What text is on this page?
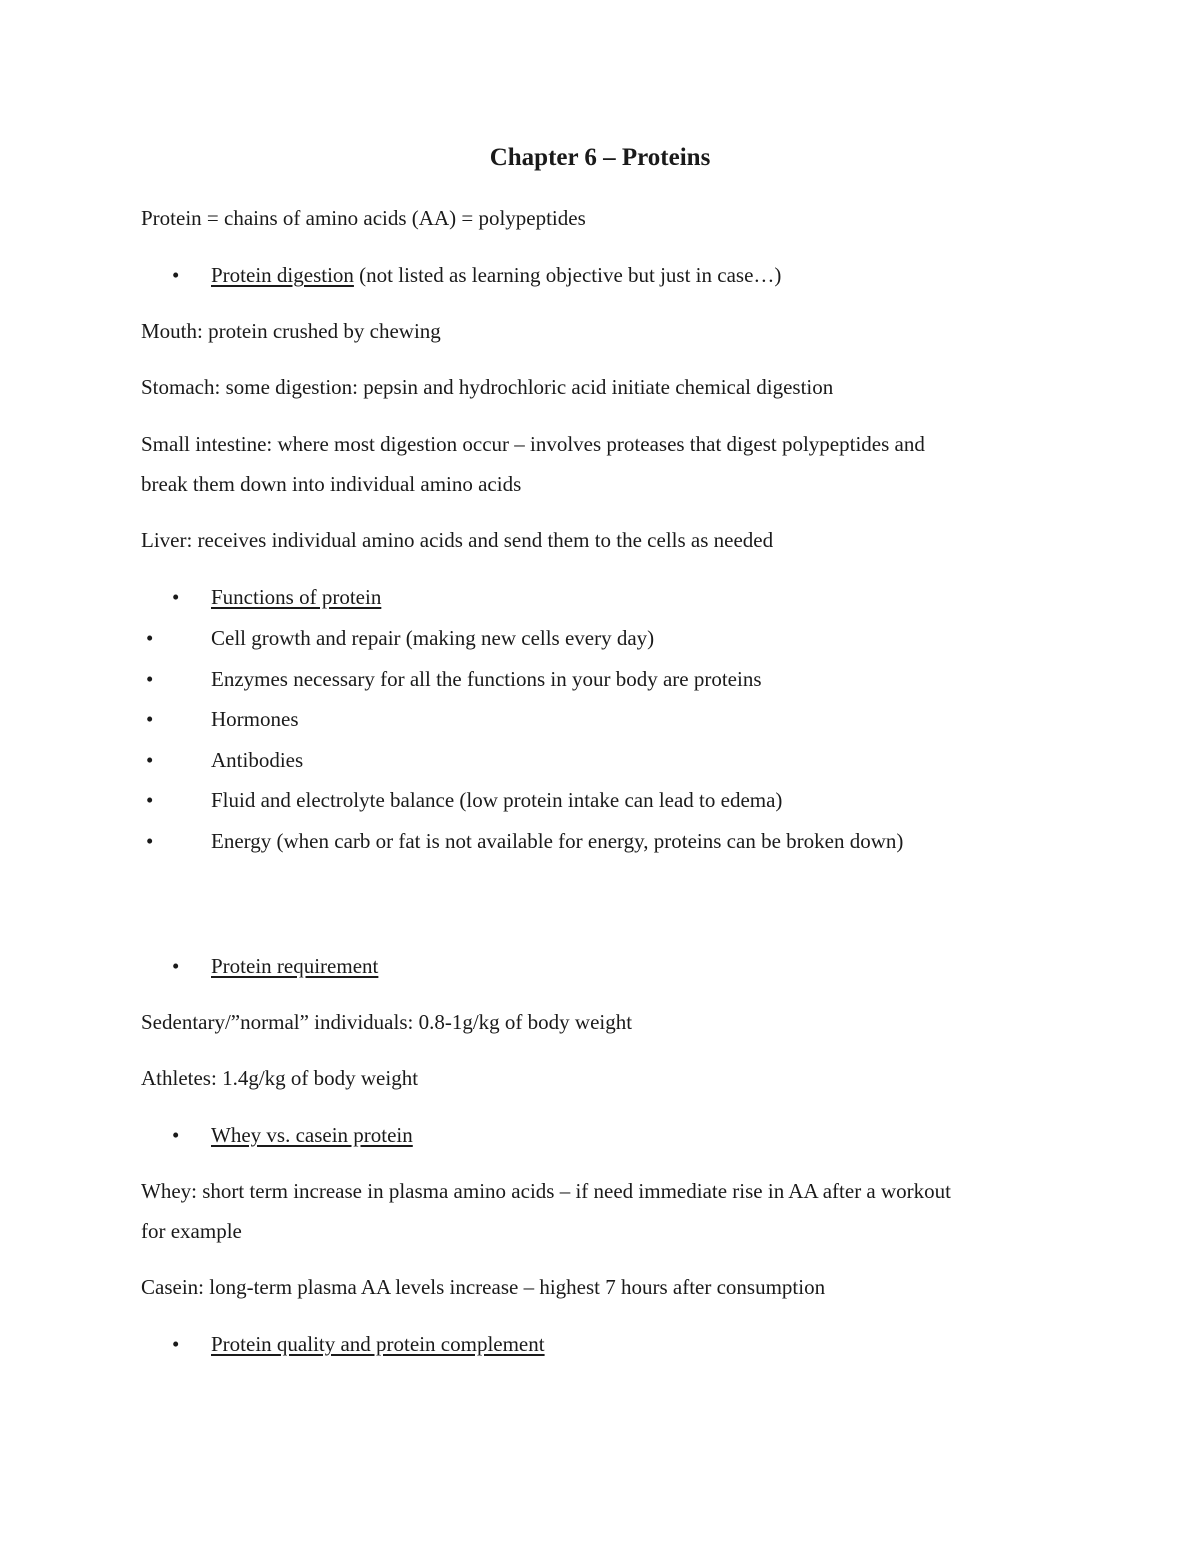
Chapter 6 – Proteins
Protein = chains of amino acids (AA) = polypeptides
• Protein digestion (not listed as learning objective but just in case…)
Mouth: protein crushed by chewing
Stomach: some digestion: pepsin and hydrochloric acid initiate chemical digestion
Small intestine: where most digestion occur – involves proteases that digest polypeptides and
break them down into individual amino acids
Liver: receives individual amino acids and send them to the cells as needed
• Functions of protein
•	Cell growth and repair (making new cells every day)
•	Enzymes necessary for all the functions in your body are proteins
•	Hormones
•	Antibodies
•	Fluid and electrolyte balance (low protein intake can lead to edema)
•	Energy (when carb or fat is not available for energy, proteins can be broken down)
• Protein requirement
Sedentary/”normal” individuals: 0.8-1g/kg of body weight
Athletes: 1.4g/kg of body weight
• Whey vs. casein protein
Whey: short term increase in plasma amino acids – if need immediate rise in AA after a workout
for example
Casein: long-term plasma AA levels increase – highest 7 hours after consumption
• Protein quality and protein complement
